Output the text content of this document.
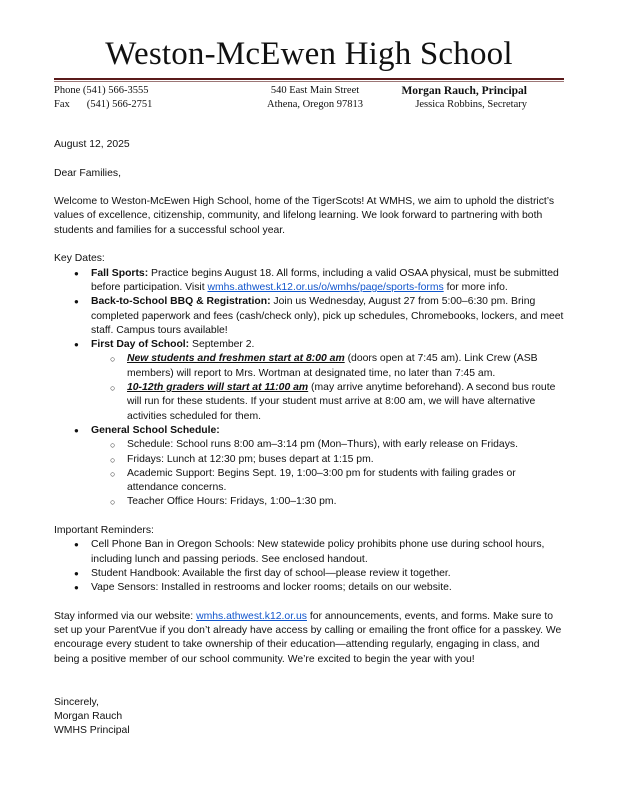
Weston-McEwen High School
Phone (541) 566-3555
Fax (541) 566-2751
540 East Main Street
Athena, Oregon 97813
Morgan Rauch, Principal
Jessica Robbins, Secretary

August 12, 2025

Dear Families,

Welcome to Weston-McEwen High School, home of the TigerScots! At WMHS, we aim to uphold the district’s values of excellence, citizenship, community, and lifelong learning. We look forward to partnering with both students and families for a successful school year.

Key Dates:

● Fall Sports: Practice begins August 18. All forms, including a valid OSAA physical, must be submitted before participation. Visit wmhs.athwest.k12.or.us/o/wmhs/page/sports-forms for more info.
● Back-to-School BBQ & Registration: Join us Wednesday, August 27 from 5:00–6:30 pm. Bring completed paperwork and fees (cash/check only), pick up schedules, Chromebooks, lockers, and meet staff. Campus tours available!
● First Day of School: September 2.
○ New students and freshmen start at 8:00 am (doors open at 7:45 am). Link Crew (ASB members) will report to Mrs. Wortman at designated time, no later than 7:45 am.
○ 10-12th graders will start at 11:00 am (may arrive anytime beforehand). A second bus route will run for these students. If your student must arrive at 8:00 am, we will have alternative activities scheduled for them.
● General School Schedule:
○ Schedule: School runs 8:00 am–3:14 pm (Mon–Thurs), with early release on Fridays.
○ Fridays: Lunch at 12:30 pm; buses depart at 1:15 pm.
○ Academic Support: Begins Sept. 19, 1:00–3:00 pm for students with failing grades or attendance concerns.
○ Teacher Office Hours: Fridays, 1:00–1:30 pm.

Important Reminders:

● Cell Phone Ban in Oregon Schools: New statewide policy prohibits phone use during school hours, including lunch and passing periods. See enclosed handout.
● Student Handbook: Available the first day of school—please review it together.
● Vape Sensors: Installed in restrooms and locker rooms; details on our website.

Stay informed via our website: wmhs.athwest.k12.or.us for announcements, events, and forms. Make sure to set up your ParentVue if you don’t already have access by calling or emailing the front office for a passkey. We encourage every student to take ownership of their education—attending regularly, engaging in class, and being a positive member of our school community. We’re excited to begin the year with you!

Sincerely,

Morgan Rauch

WMHS Principal
